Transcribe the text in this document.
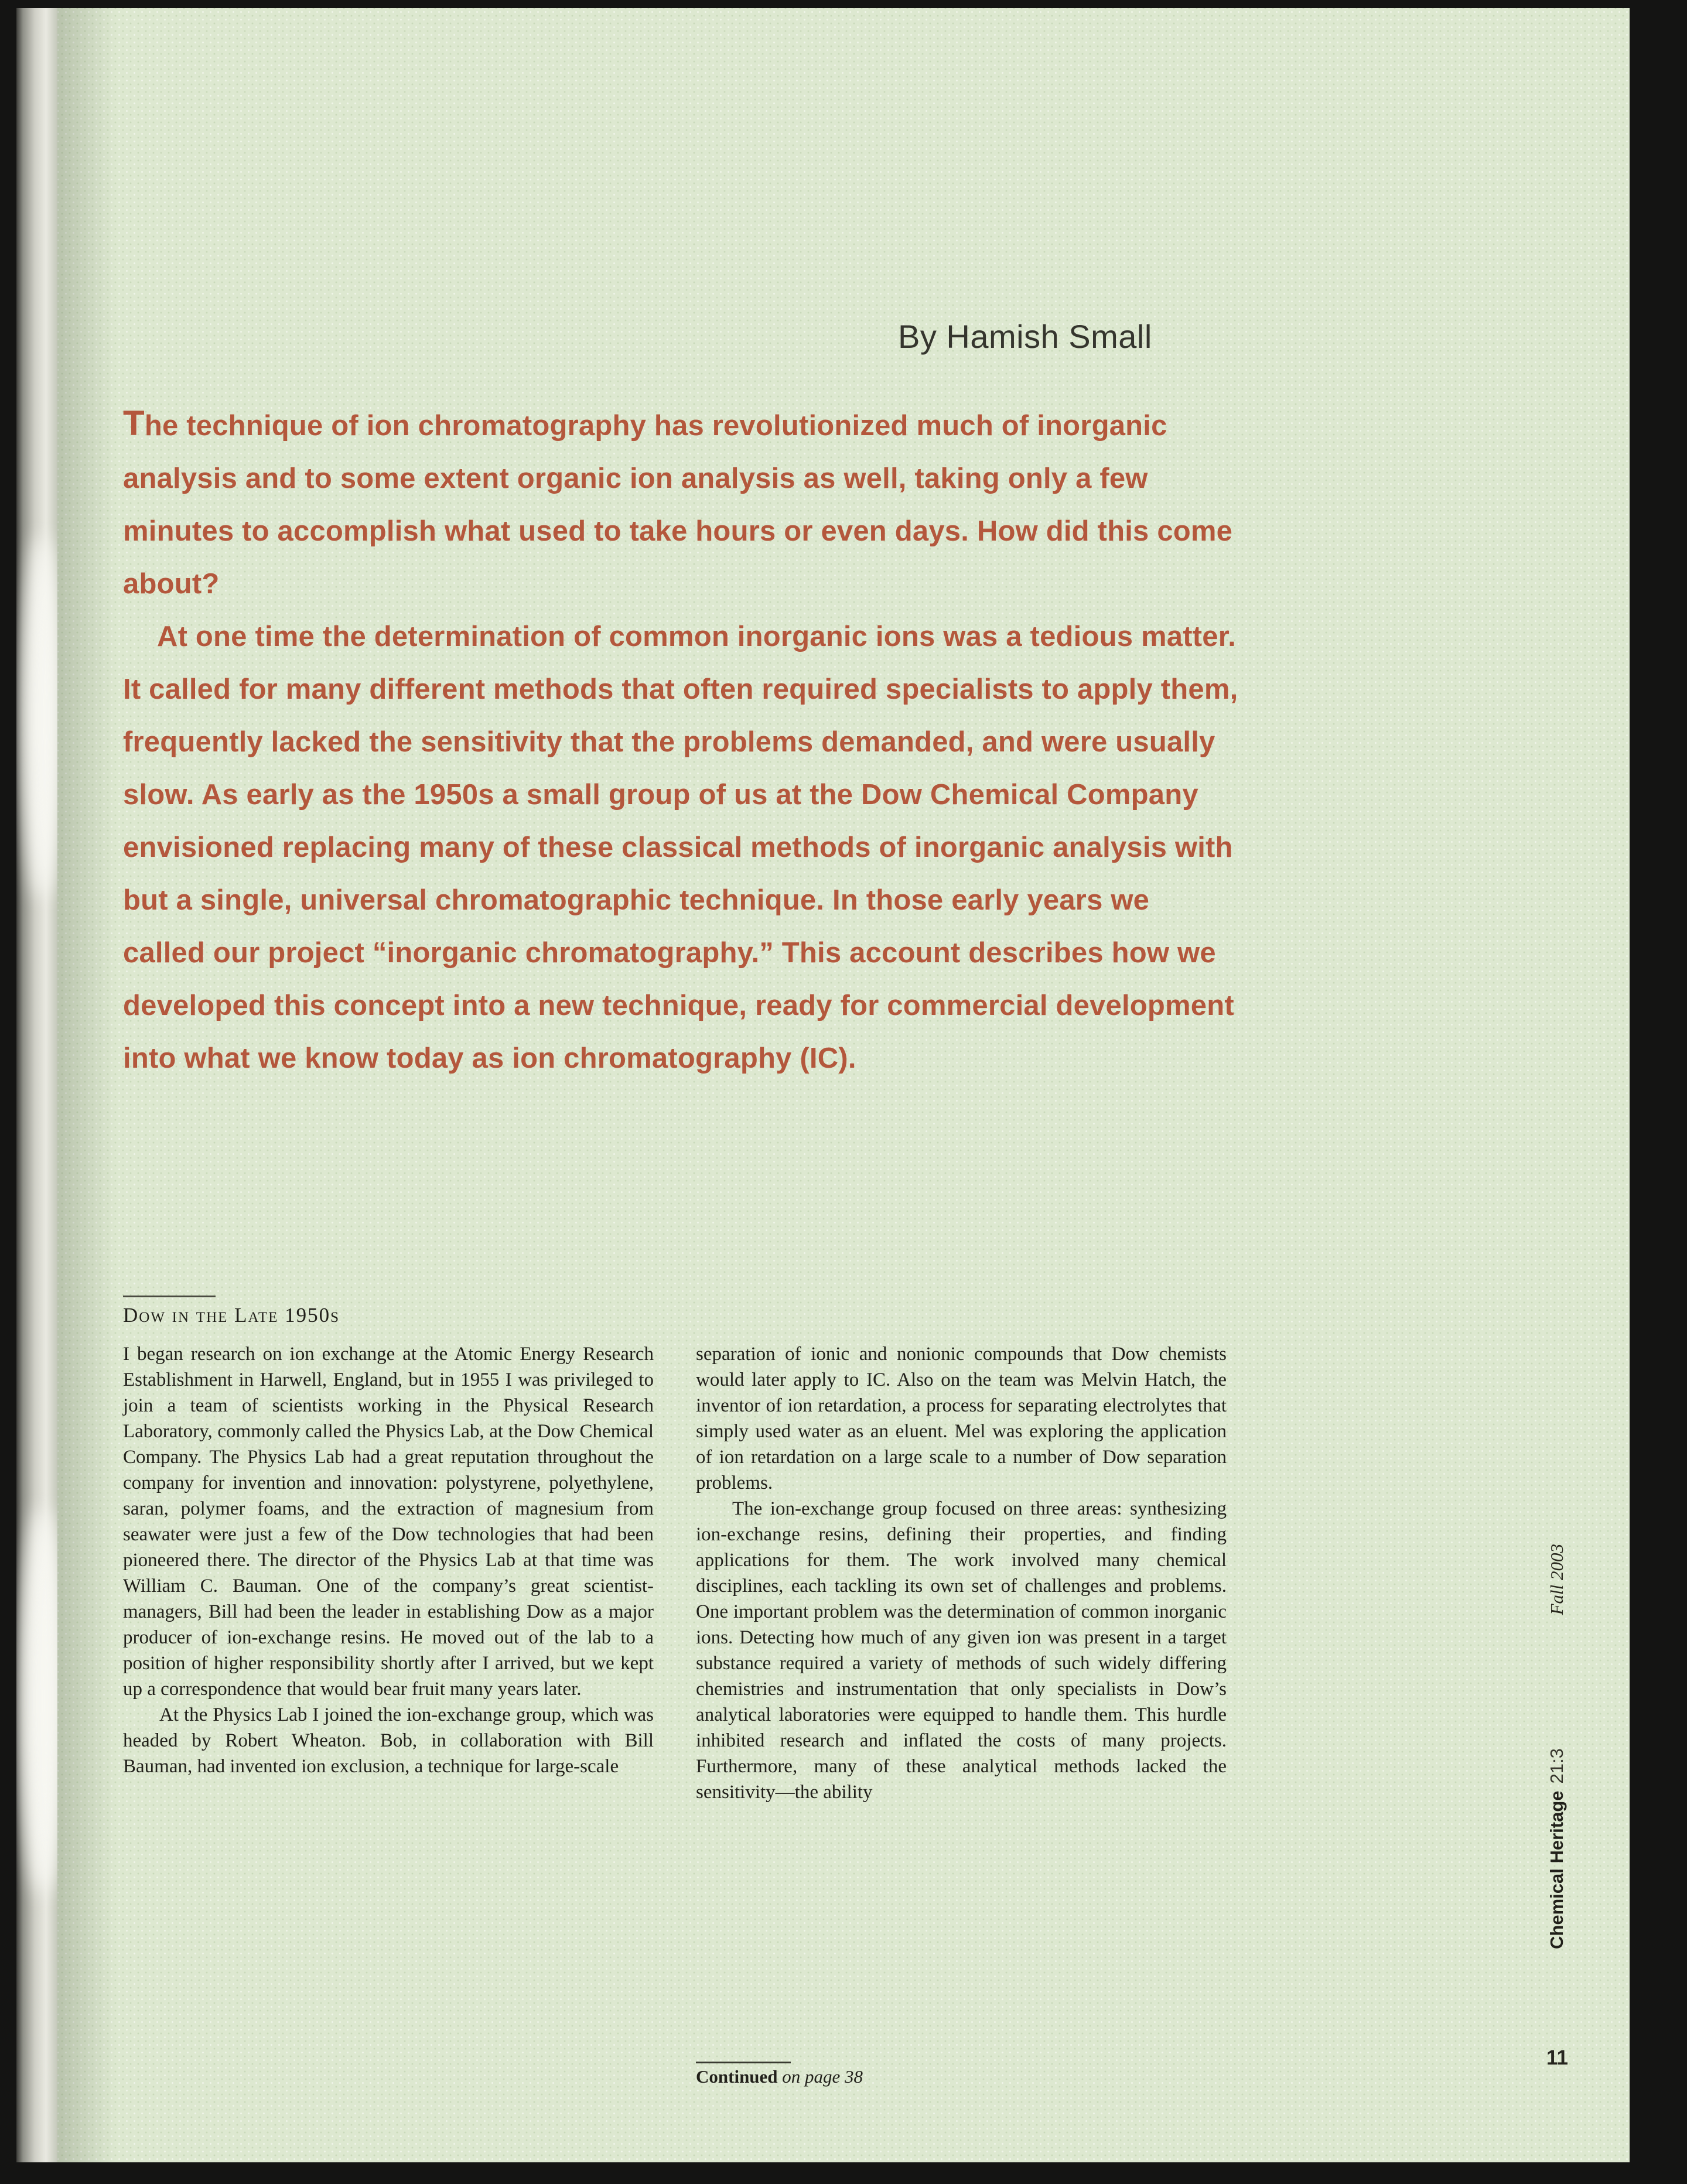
By Hamish Small

The technique of ion chromatography has revolutionized much of inorganic analysis and to some extent organic ion analysis as well, taking only a few minutes to accomplish what used to take hours or even days. How did this come about?

At one time the determination of common inorganic ions was a tedious matter. It called for many different methods that often required specialists to apply them, frequently lacked the sensitivity that the problems demanded, and were usually slow. As early as the 1950s a small group of us at the Dow Chemical Company envisioned replacing many of these classical methods of inorganic analysis with but a single, universal chromatographic technique. In those early years we called our project “inorganic chromatography.” This account describes how we developed this concept into a new technique, ready for commercial development into what we know today as ion chromatography (IC).

Dow in the Late 1950s

I began research on ion exchange at the Atomic Energy Research Establishment in Harwell, England, but in 1955 I was privileged to join a team of scientists working in the Physical Research Laboratory, commonly called the Physics Lab, at the Dow Chemical Company. The Physics Lab had a great reputation throughout the company for invention and innovation: polystyrene, polyethylene, saran, polymer foams, and the extraction of magnesium from seawater were just a few of the Dow technologies that had been pioneered there. The director of the Physics Lab at that time was William C. Bauman. One of the company’s great scientist-managers, Bill had been the leader in establishing Dow as a major producer of ion-exchange resins. He moved out of the lab to a position of higher responsibility shortly after I arrived, but we kept up a correspondence that would bear fruit many years later.

At the Physics Lab I joined the ion-exchange group, which was headed by Robert Wheaton. Bob, in collaboration with Bill Bauman, had invented ion exclusion, a technique for large-scale

separation of ionic and nonionic compounds that Dow chemists would later apply to IC. Also on the team was Melvin Hatch, the inventor of ion retardation, a process for separating electrolytes that simply used water as an eluent. Mel was exploring the application of ion retardation on a large scale to a number of Dow separation problems.

The ion-exchange group focused on three areas: synthesizing ion-exchange resins, defining their properties, and finding applications for them. The work involved many chemical disciplines, each tackling its own set of challenges and problems. One important problem was the determination of common inorganic ions. Detecting how much of any given ion was present in a target substance required a variety of methods of such widely differing chemistries and instrumentation that only specialists in Dow’s analytical laboratories were equipped to handle them. This hurdle inhibited research and inflated the costs of many projects. Furthermore, many of these analytical methods lacked the sensitivity—the ability

Continued on page 38
Chemical Heritage
21:3
Fall 2003
11
